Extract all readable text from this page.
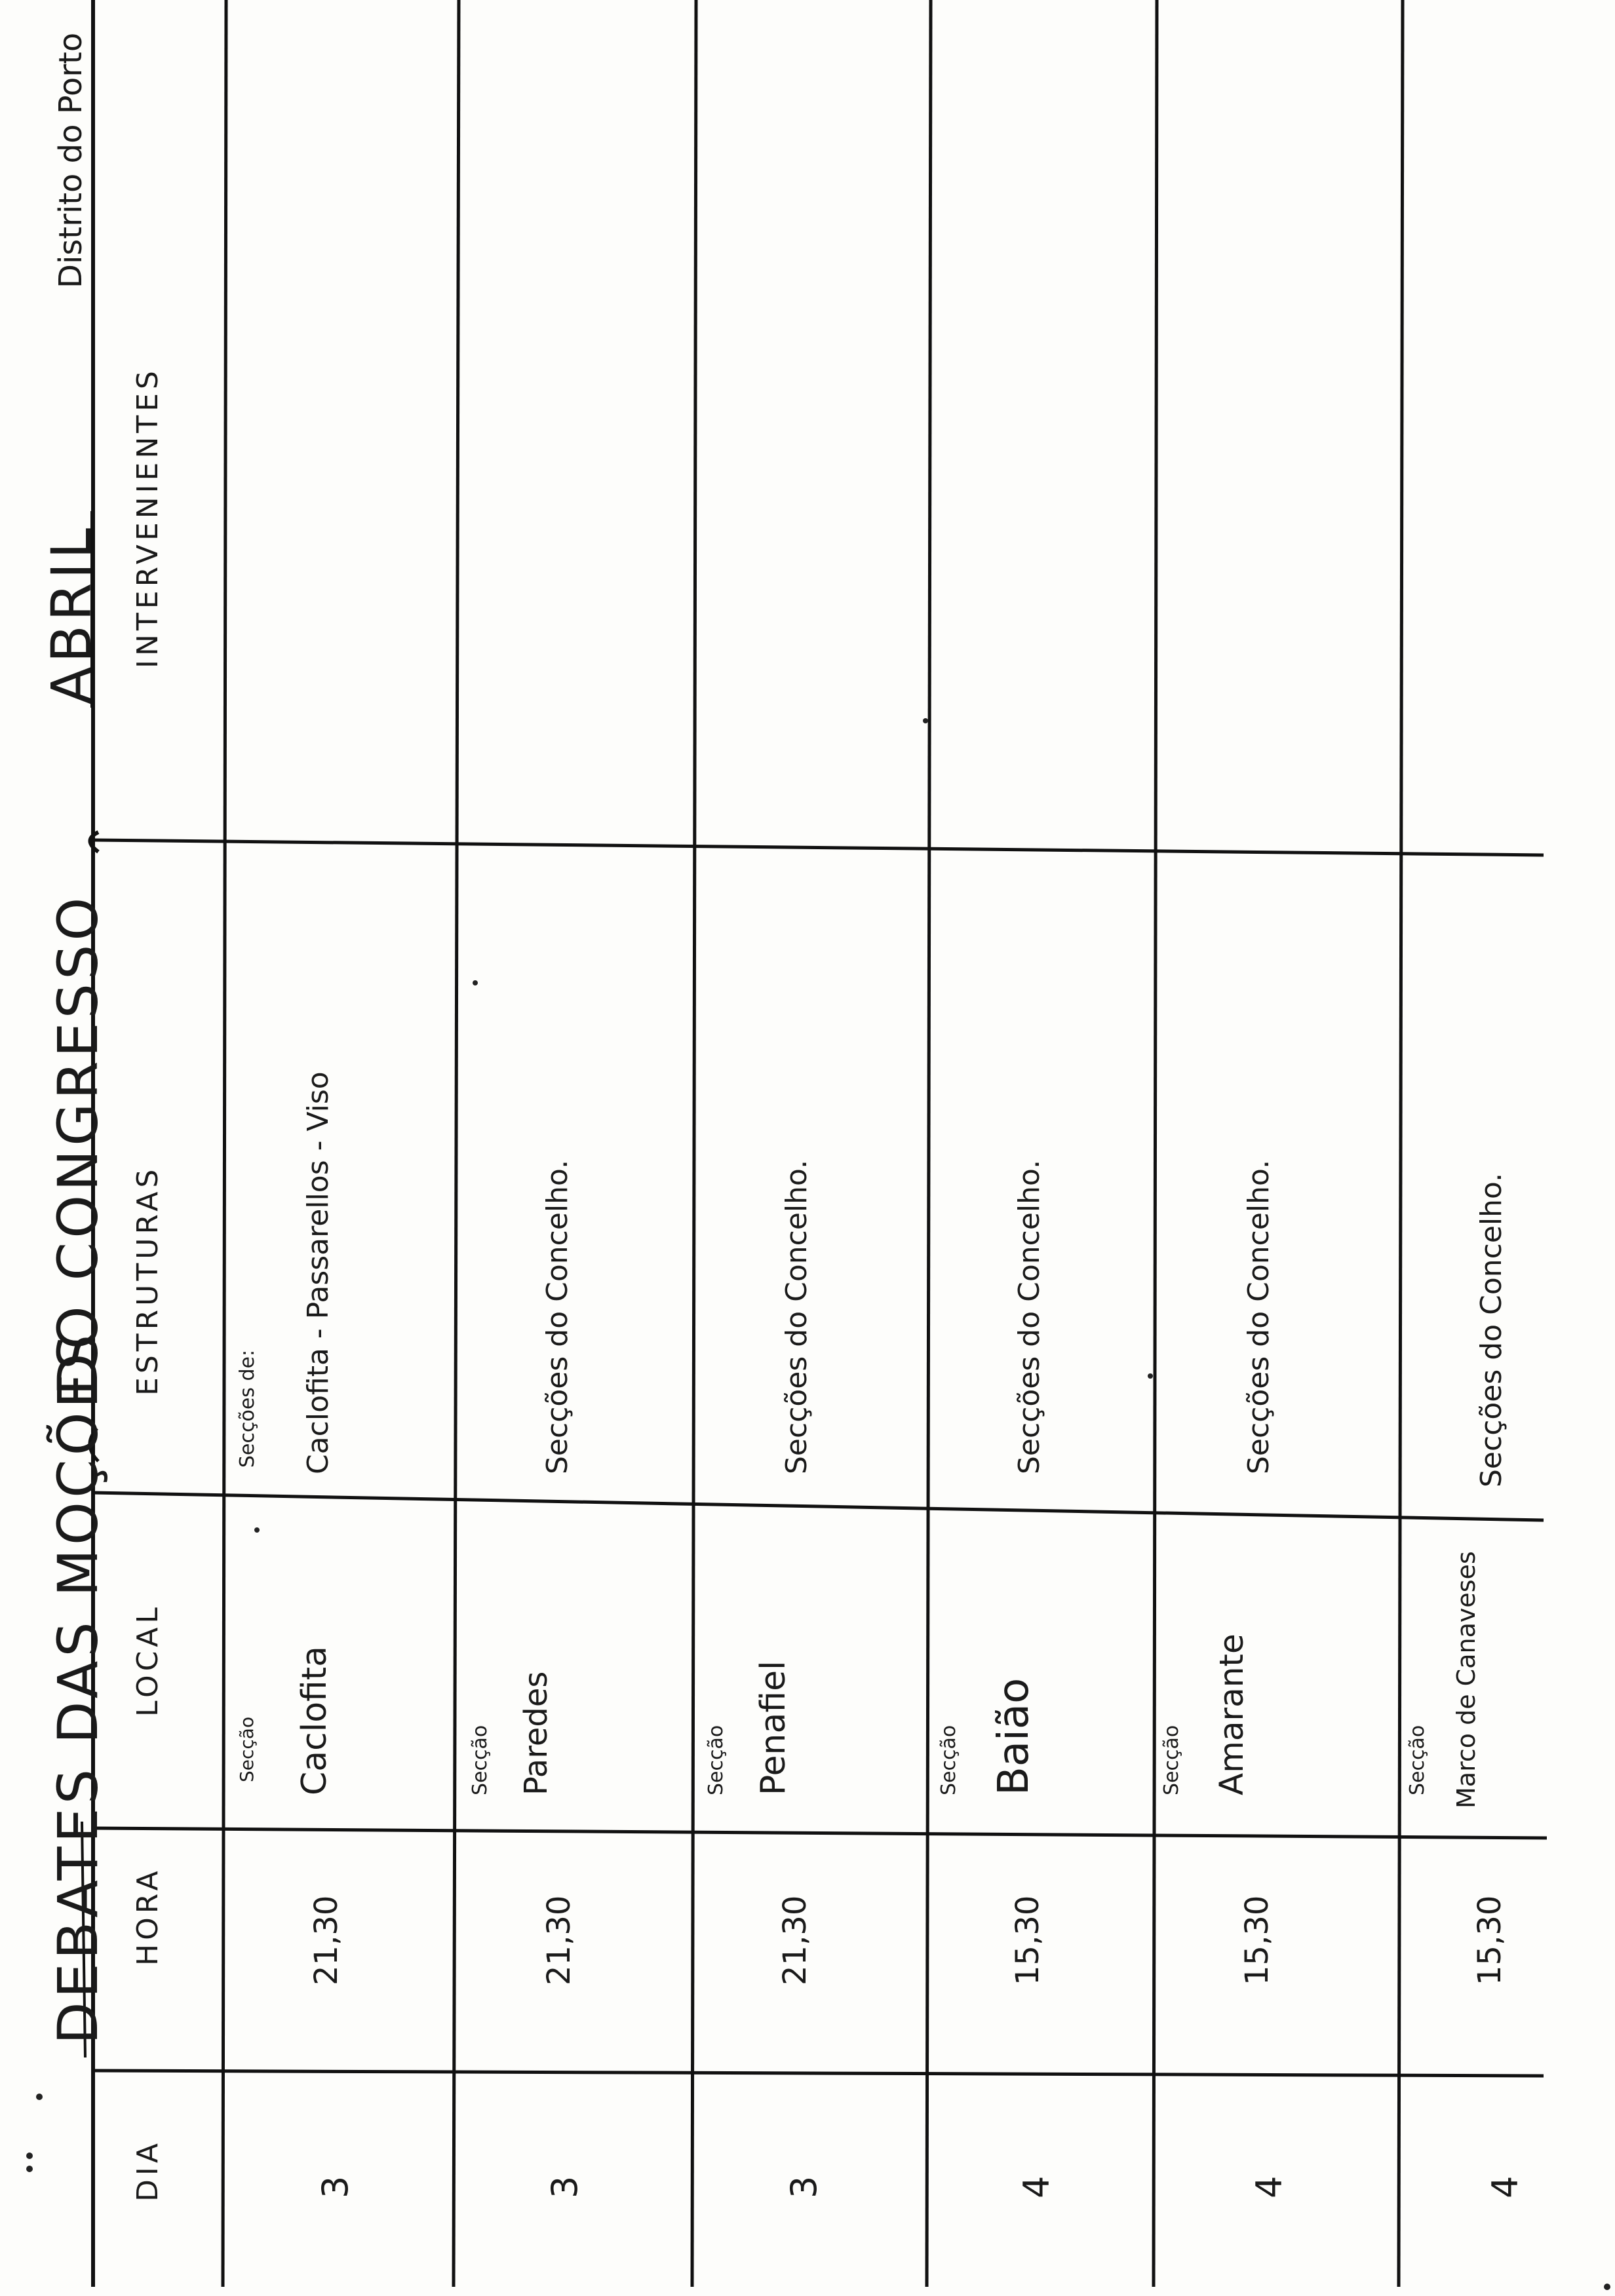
DEBATES DAS MOÇÕES
DO CONGRESSO
ABRIL
Distrito do Porto
DIA
HORA
LOCAL
ESTRUTURAS
INTERVENIENTES
3
21,30
Secção Caclofita
Secções de: Caclofita - Passarellos - Viso
3
21,30
Secção Paredes
Secções do Concelho.
3
21,30
Secção Penafiel
Secções do Concelho.
4
15,30
Secção Baião
Secções do Concelho.
4
15,30
Secção Amarante
Secções do Concelho.
4
15,30
Secção Marco de Canaveses
Secções do Concelho.
